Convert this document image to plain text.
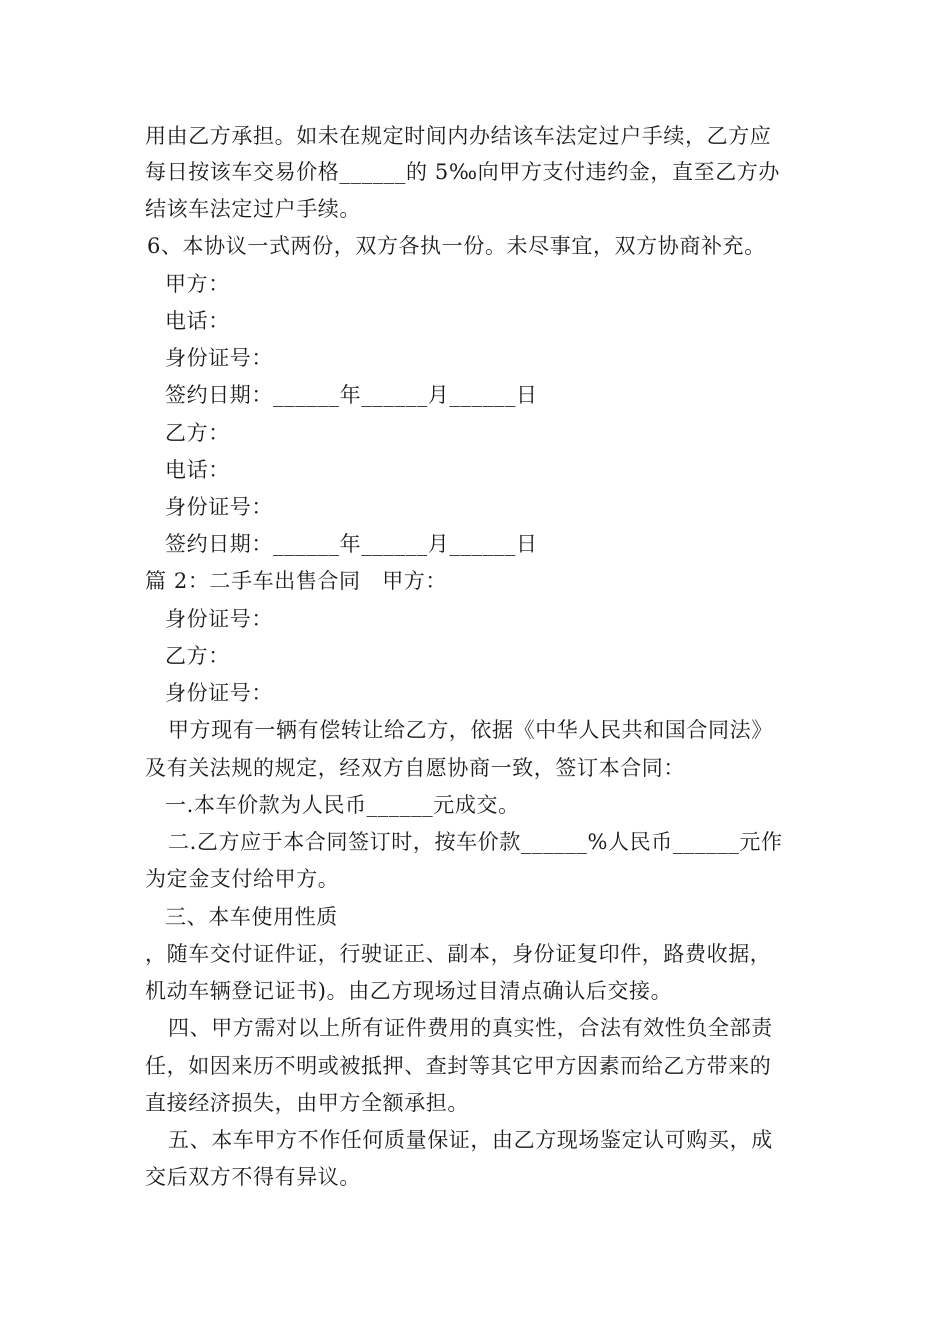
用由乙方承担。如未在规定时间内办结该车法定过户手续，乙方应
每日按该车交易价格______的 5‰向甲方支付违约金，直至乙方办
结该车法定过户手续。
6、本协议一式两份，双方各执一份。未尽事宜，双方协商补充。
甲方：
电话：
身份证号：
签约日期：______年______月______日
乙方：
电话：
身份证号：
签约日期：______年______月______日
篇 2：二手车出售合同　甲方：
身份证号：
乙方：
身份证号：
甲方现有一辆有偿转让给乙方，依据《中华人民共和国合同法》
及有关法规的规定，经双方自愿协商一致，签订本合同：
一.本车价款为人民币______元成交。
二.乙方应于本合同签订时，按车价款______%人民币______元作
为定金支付给甲方。
三、本车使用性质
，随车交付证件证，行驶证正、副本，身份证复印件，路费收据，
机动车辆登记证书)。由乙方现场过目清点确认后交接。
四、甲方需对以上所有证件费用的真实性，合法有效性负全部责
任，如因来历不明或被抵押、查封等其它甲方因素而给乙方带来的
直接经济损失，由甲方全额承担。
五、本车甲方不作任何质量保证，由乙方现场鉴定认可购买，成
交后双方不得有异议。
